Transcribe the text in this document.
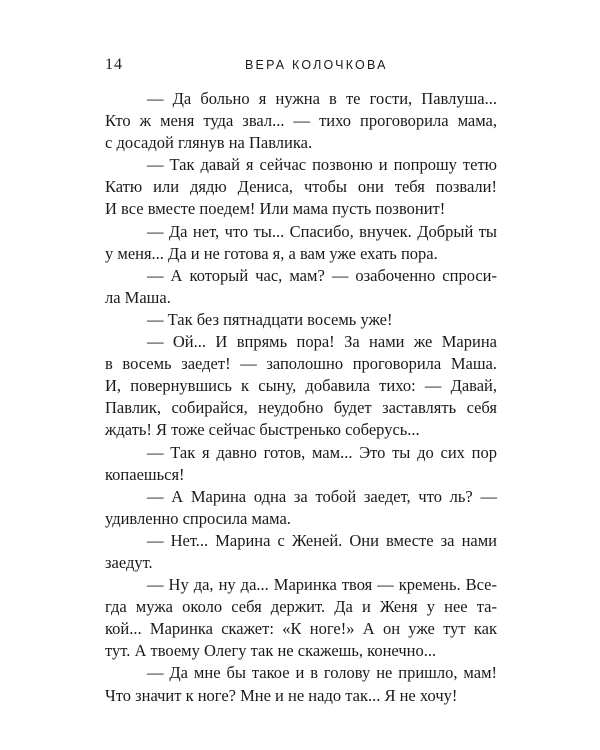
14	ВЕРА КОЛОЧКОВА
— Да больно я нужна в те гости, Павлуша...
Кто ж меня туда звал... — тихо проговорила мама,
с досадой глянув на Павлика.
— Так давай я сейчас позвоню и попрошу тетю
Катю или дядю Дениса, чтобы они тебя позвали!
И все вместе поедем! Или мама пусть позвонит!
— Да нет, что ты... Спасибо, внучек. Добрый ты
у меня... Да и не готова я, а вам уже ехать пора.
— А который час, мам? — озабоченно спроси-
ла Маша.
— Так без пятнадцати восемь уже!
— Ой... И впрямь пора! За нами же Марина
в восемь заедет! — заполошно проговорила Маша.
И, повернувшись к сыну, добавила тихо: — Давай,
Павлик, собирайся, неудобно будет заставлять себя
ждать! Я тоже сейчас быстренько соберусь...
— Так я давно готов, мам... Это ты до сих пор
копаешься!
— А Марина одна за тобой заедет, что ль? —
удивленно спросила мама.
— Нет... Марина с Женей. Они вместе за нами
заедут.
— Ну да, ну да... Маринка твоя — кремень. Все-
гда мужа около себя держит. Да и Женя у нее та-
кой... Маринка скажет: «К ноге!» А он уже тут как
тут. А твоему Олегу так не скажешь, конечно...
— Да мне бы такое и в голову не пришло, мам!
Что значит к ноге? Мне и не надо так... Я не хочу!
